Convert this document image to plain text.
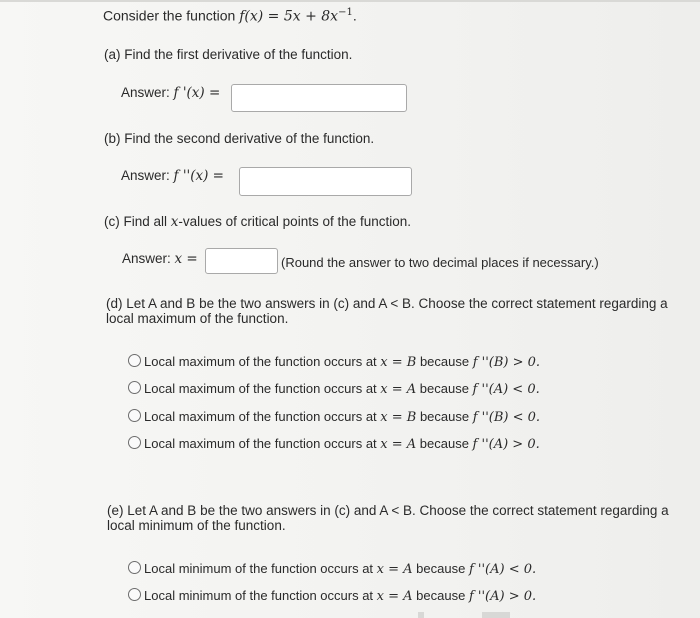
Consider the function $f(x) = 5x + 8x^{-1}$.
(a) Find the first derivative of the function.
Answer: f '(x) =
(b) Find the second derivative of the function.
Answer: f ''(x) =
(c) Find all x-values of critical points of the function.
Answer: x =	(Round the answer to two decimal places if necessary.)
(d) Let A and B be the two answers in (c) and A < B. Choose the correct statement regarding a
local maximum of the function.
Local maximum of the function occurs at x = B because f ''(B) > 0.
Local maximum of the function occurs at x = A because f ''(A) < 0.
Local maximum of the function occurs at x = B because f ''(B) < 0.
Local maximum of the function occurs at x = A because f ''(A) > 0.
(e) Let A and B be the two answers in (c) and A < B. Choose the correct statement regarding a
local minimum of the function.
Local minimum of the function occurs at x = A because f ''(A) < 0.
Local minimum of the function occurs at x = A because f ''(A) > 0.
